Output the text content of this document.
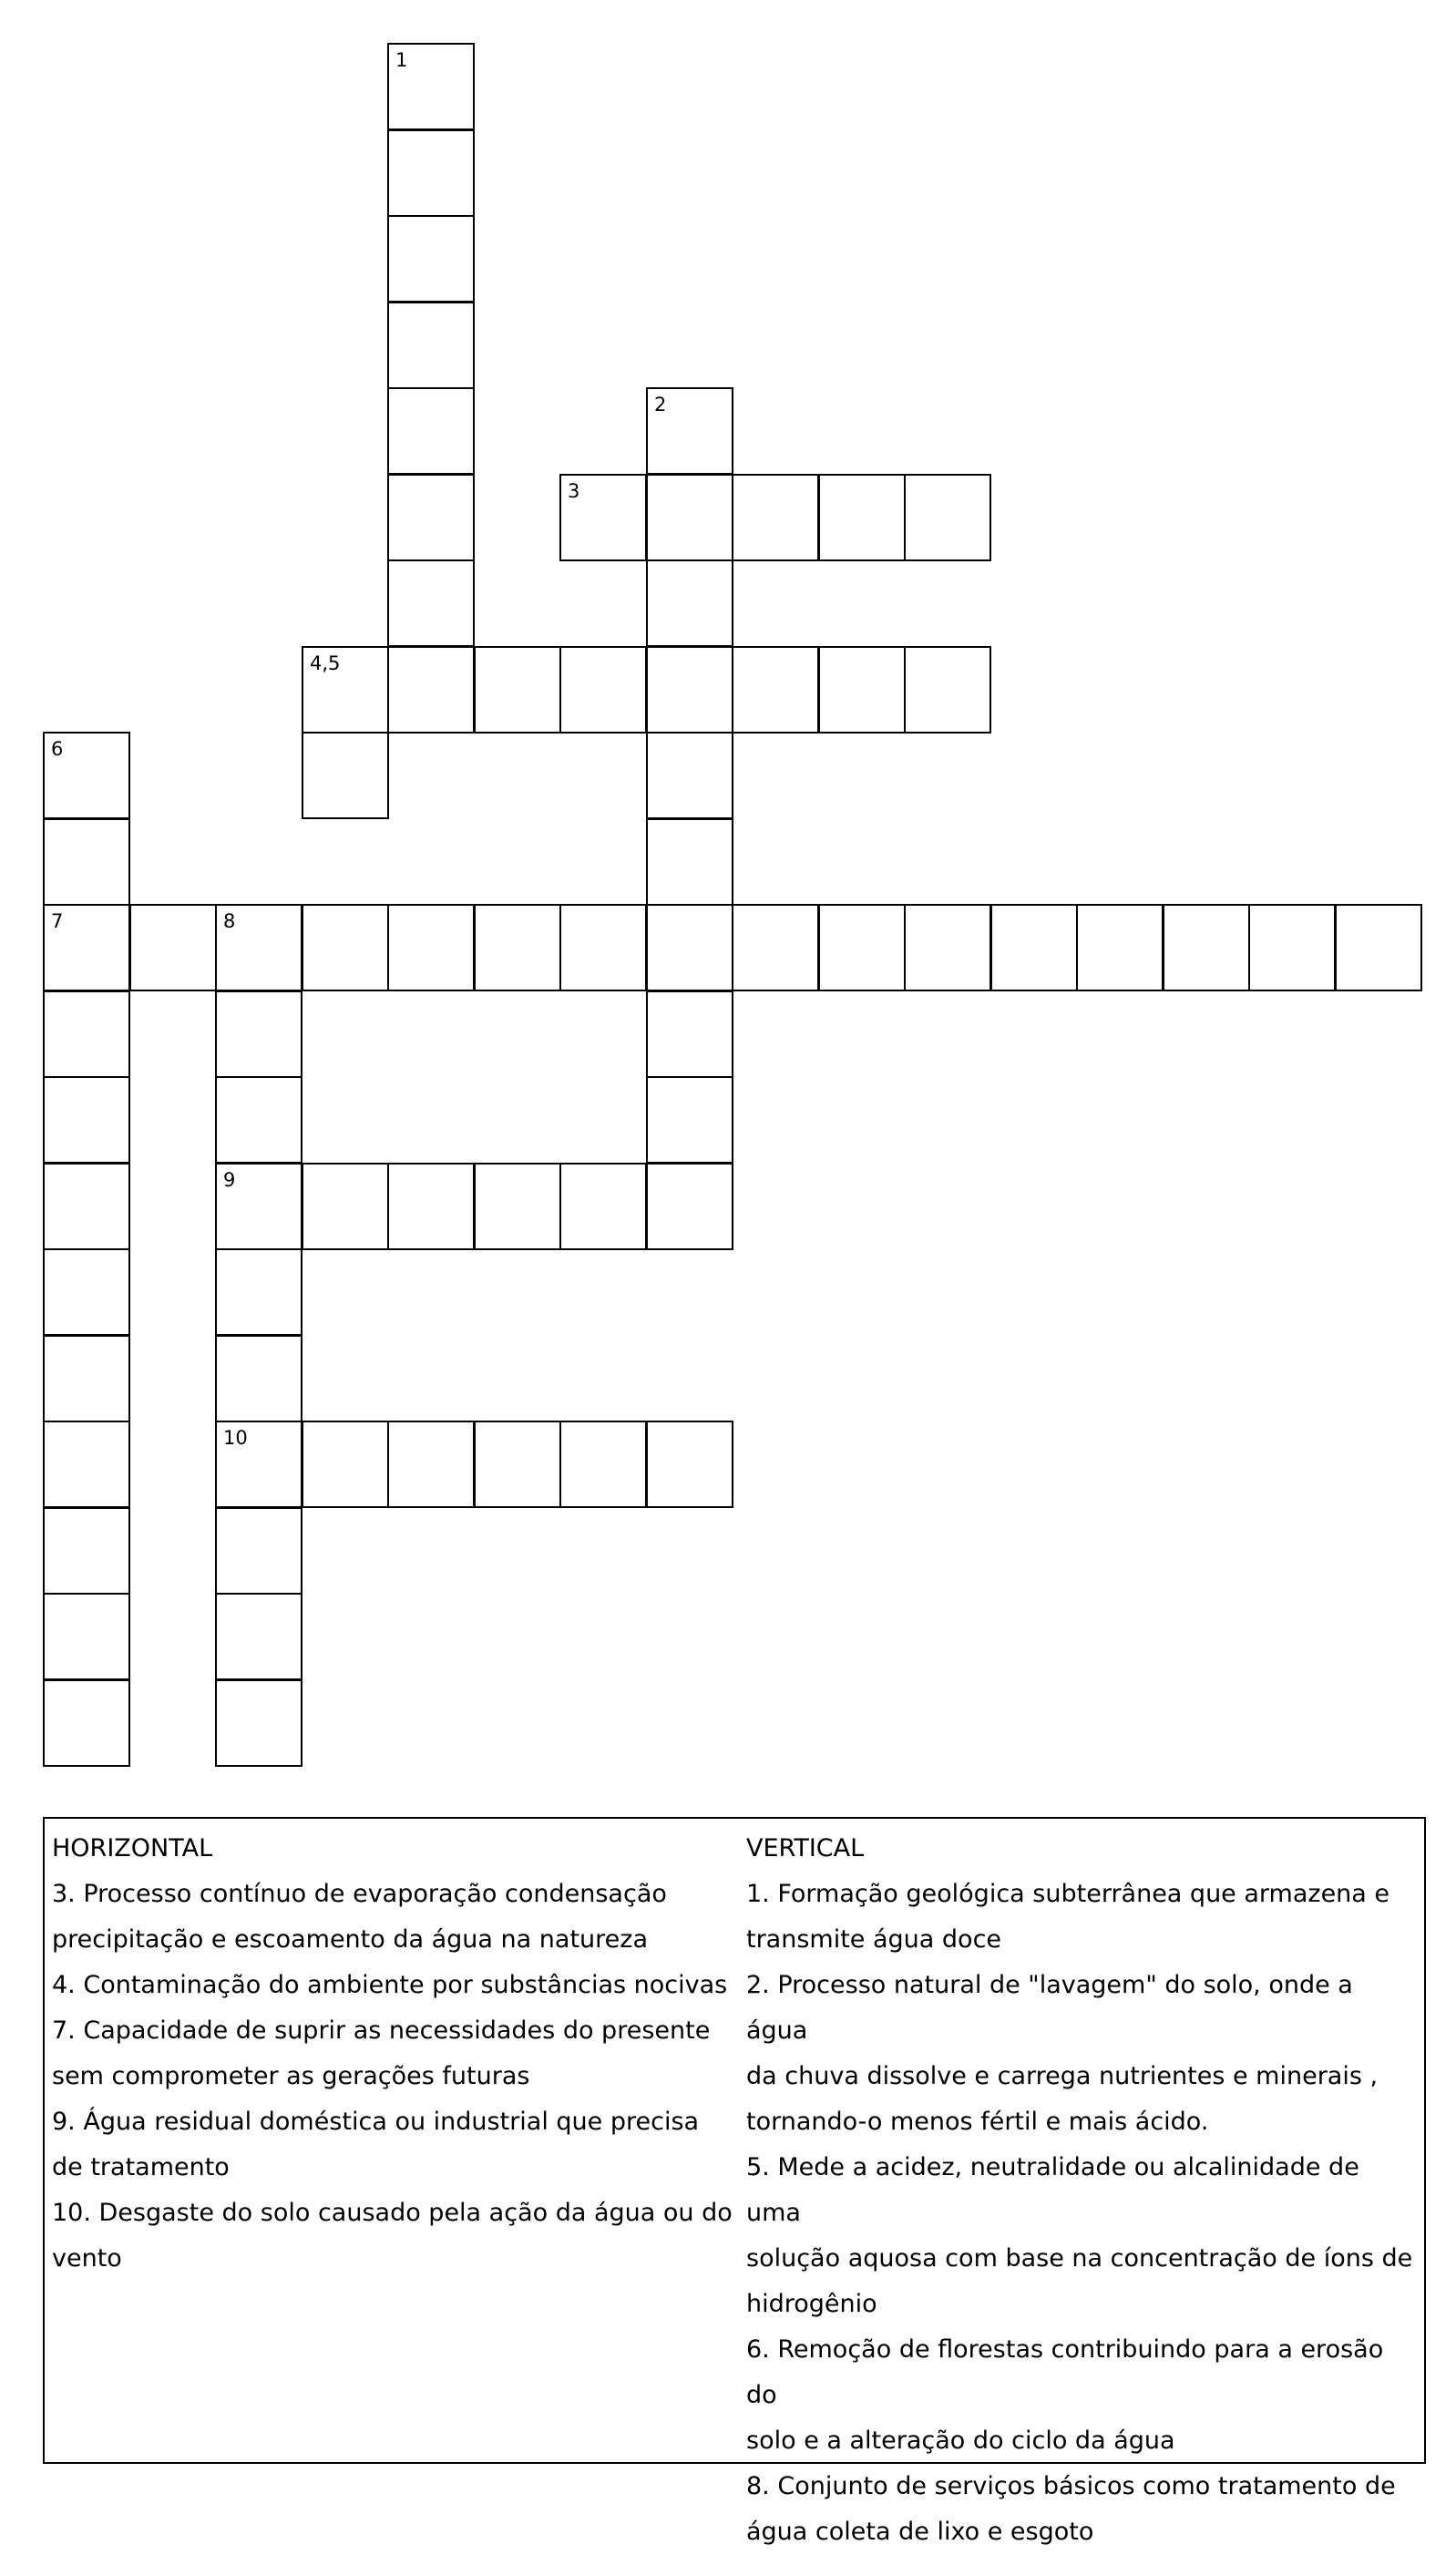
1
2
3
4,5
6
7	8
9
10
HORIZONTAL
3. Processo contínuo de evaporação condensação
precipitação e escoamento da água na natureza
4. Contaminação do ambiente por substâncias nocivas
7. Capacidade de suprir as necessidades do presente
sem comprometer as gerações futuras
9. Água residual doméstica ou industrial que precisa
de tratamento
10. Desgaste do solo causado pela ação da água ou do
vento
VERTICAL
1. Formação geológica subterrânea que armazena e
transmite água doce
2. Processo natural de "lavagem" do solo, onde a água
da chuva dissolve e carrega nutrientes e minerais ,
tornando-o menos fértil e mais ácido.
5. Mede a acidez, neutralidade ou alcalinidade de uma
solução aquosa com base na concentração de íons de
hidrogênio
6. Remoção de florestas contribuindo para a erosão do
solo e a alteração do ciclo da água
8. Conjunto de serviços básicos como tratamento de
água coleta de lixo e esgoto
